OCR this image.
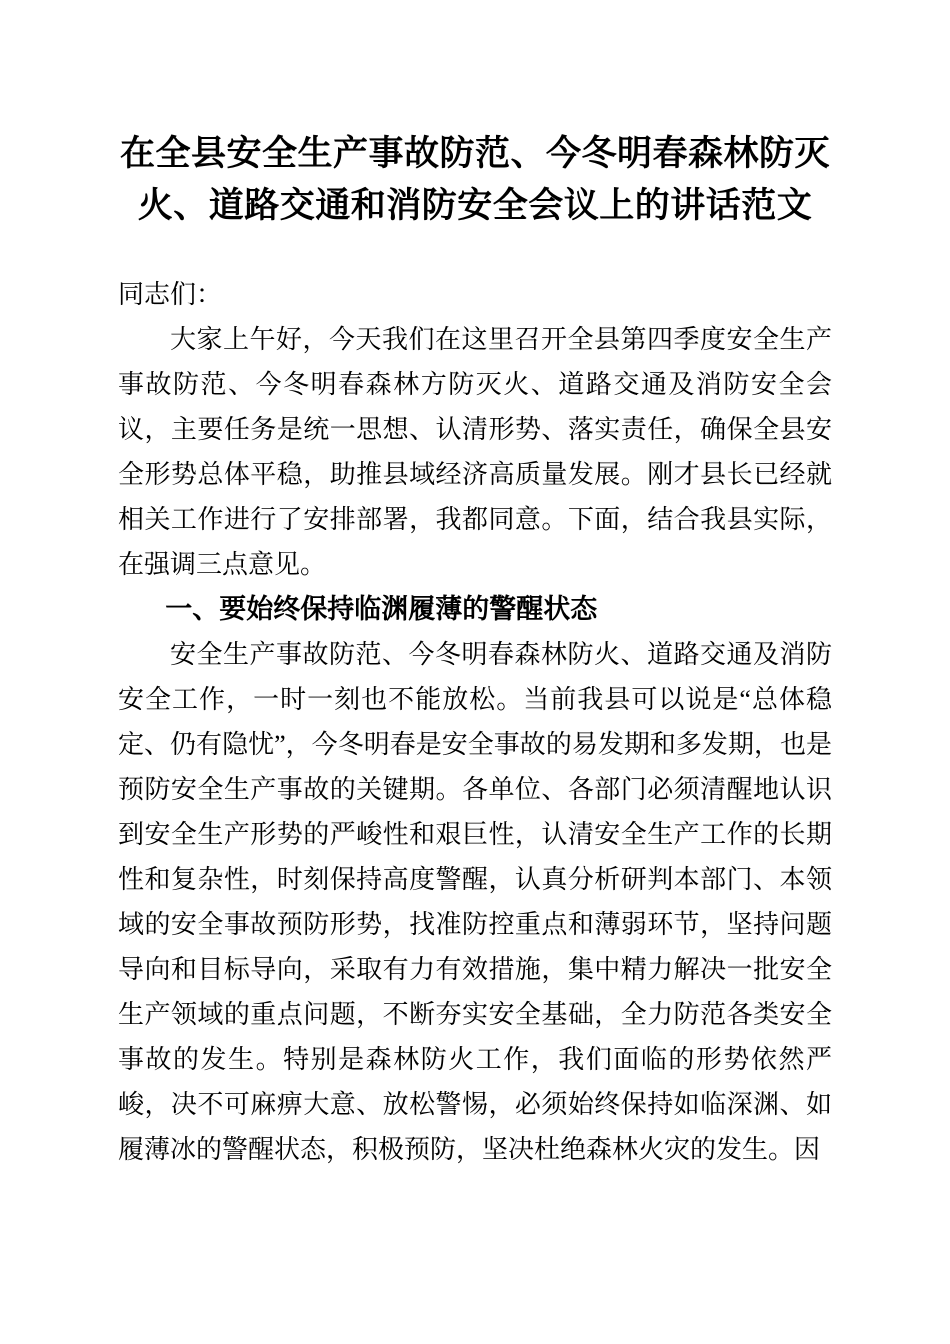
在全县安全生产事故防范、今冬明春森林防灭
火、道路交通和消防安全会议上的讲话范文

同志们：

大家上午好，今天我们在这里召开全县第四季度安全生产事故防范、今冬明春森林方防灭火、道路交通及消防安全会议，主要任务是统一思想、认清形势、落实责任，确保全县安全形势总体平稳，助推县域经济高质量发展。刚才县长已经就相关工作进行了安排部署，我都同意。下面，结合我县实际，在强调三点意见。

一、要始终保持临渊履薄的警醒状态

安全生产事故防范、今冬明春森林防火、道路交通及消防安全工作，一时一刻也不能放松。当前我县可以说是“总体稳定、仍有隐忧”，今冬明春是安全事故的易发期和多发期，也是预防安全生产事故的关键期。各单位、各部门必须清醒地认识到安全生产形势的严峻性和艰巨性，认清安全生产工作的长期性和复杂性，时刻保持高度警醒，认真分析研判本部门、本领域的安全事故预防形势，找准防控重点和薄弱环节，坚持问题导向和目标导向，采取有力有效措施，集中精力解决一批安全生产领域的重点问题，不断夯实安全基础，全力防范各类安全事故的发生。特别是森林防火工作，我们面临的形势依然严峻，决不可麻痹大意、放松警惕，必须始终保持如临深渊、如履薄冰的警醒状态，积极预防，坚决杜绝森林火灾的发生。因
